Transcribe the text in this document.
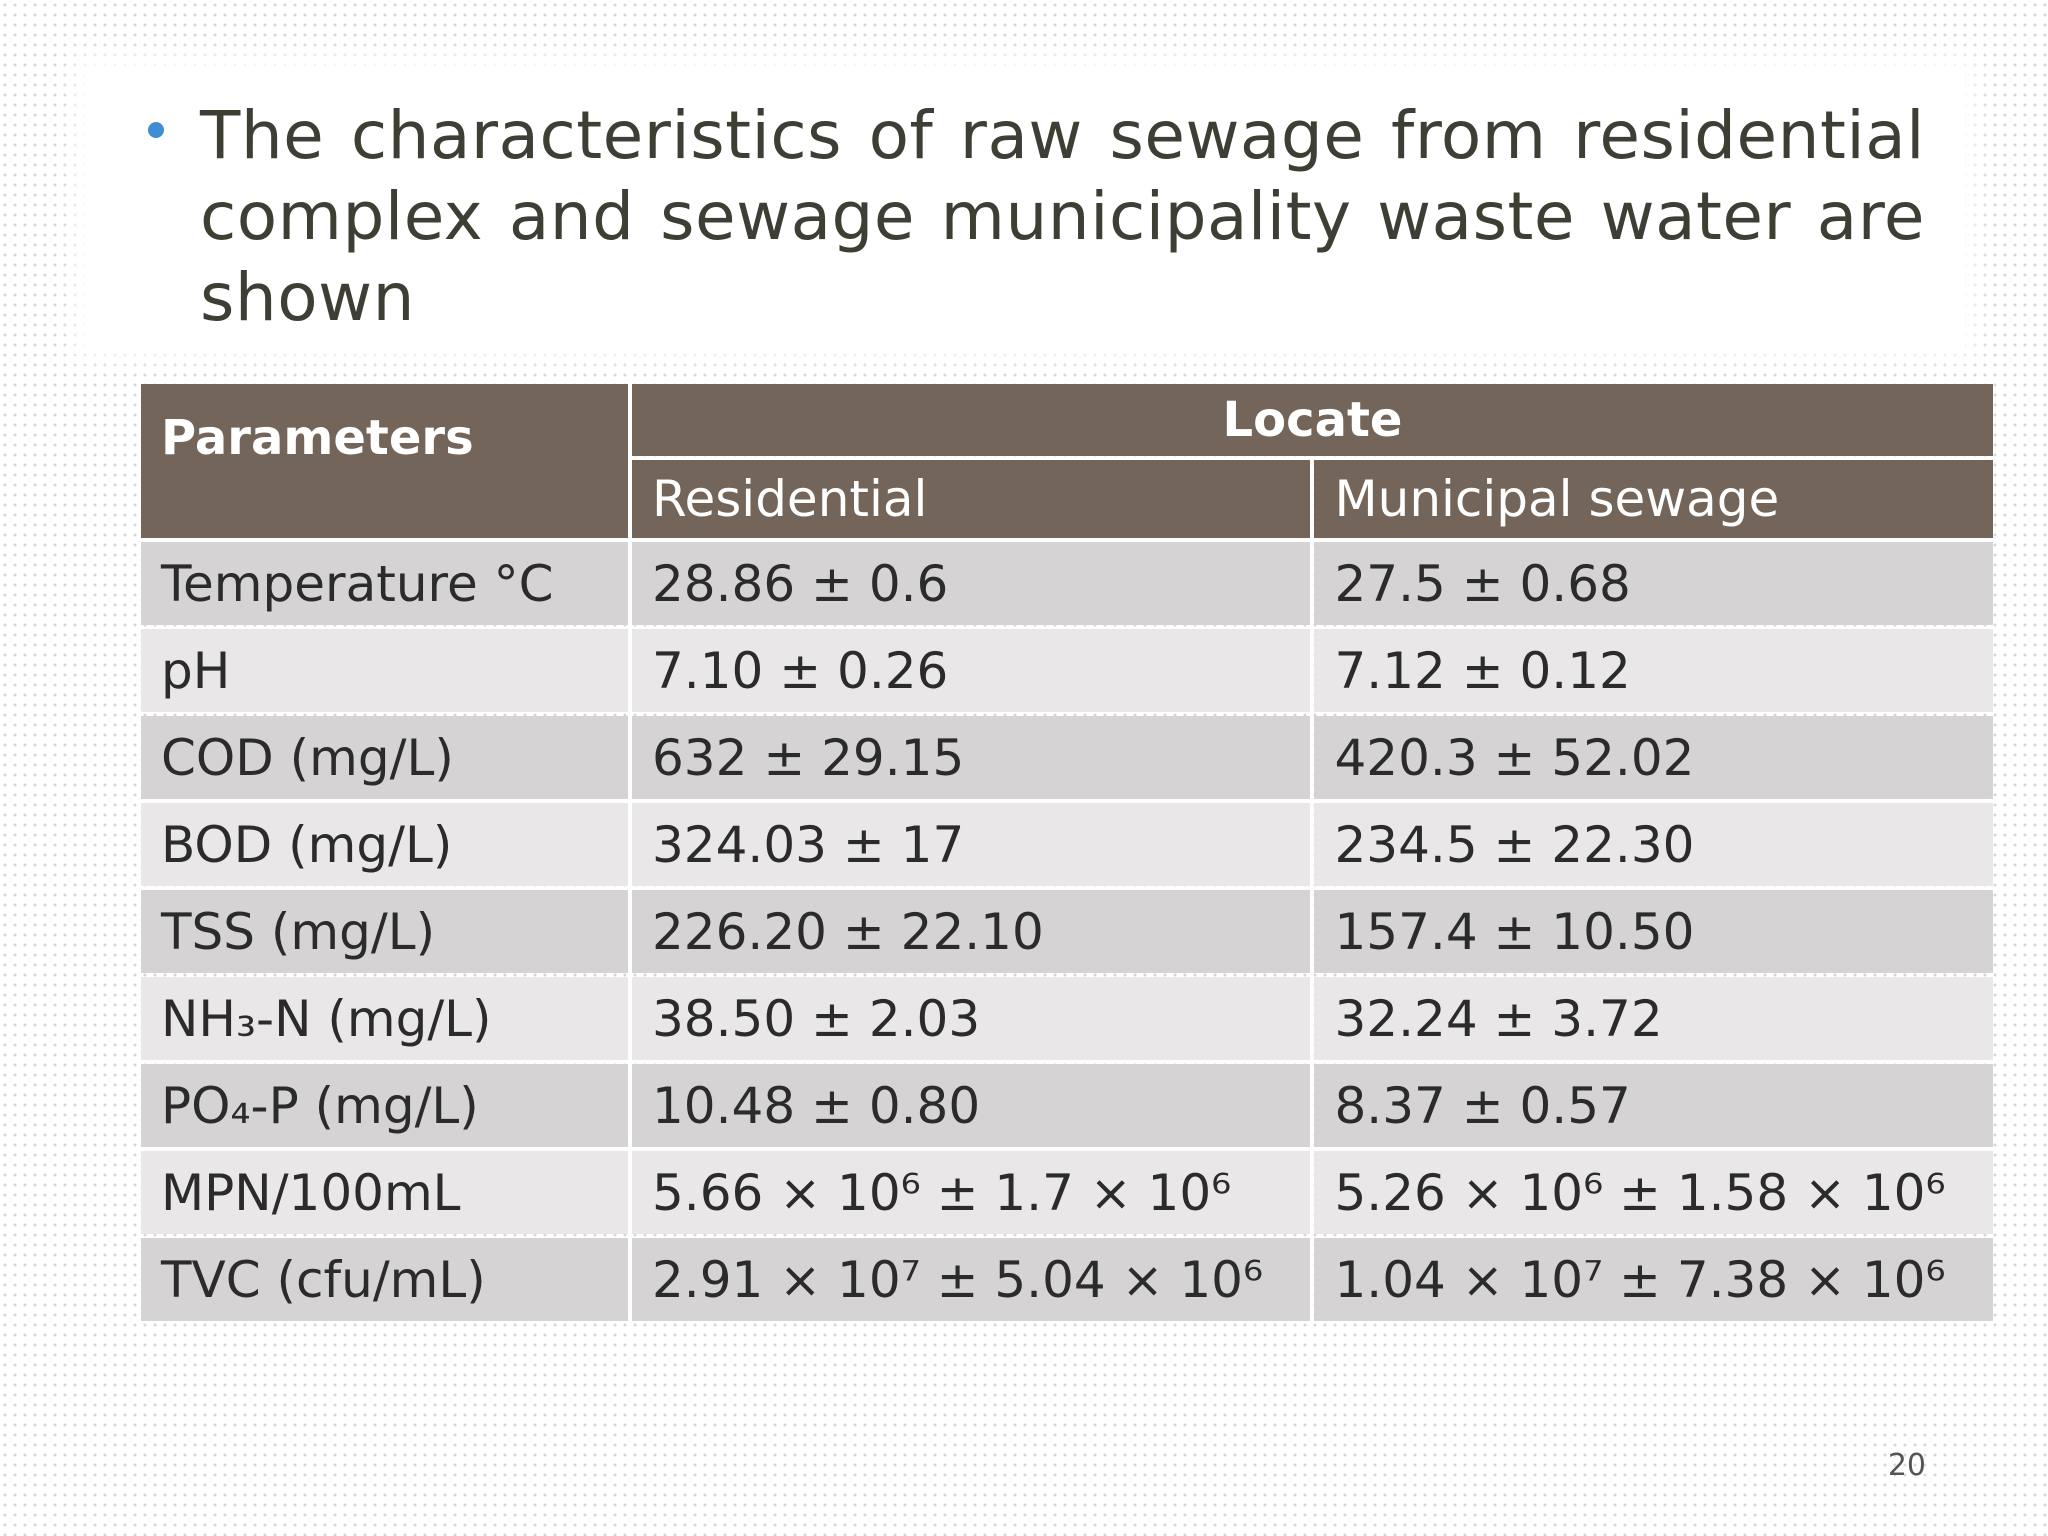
The characteristics of raw sewage from residential complex and sewage municipality waste water are shown
Parameters	Locate	
	Residential	Municipal sewage
Temperature °C	28.86 ± 0.6	27.5 ± 0.68
pH	7.10 ± 0.26	7.12 ± 0.12
COD (mg/L)	632 ± 29.15	420.3 ± 52.02
BOD (mg/L)	324.03 ± 17	234.5 ± 22.30
TSS (mg/L)	226.20 ± 22.10	157.4 ± 10.50
NH₃-N (mg/L)	38.50 ± 2.03	32.24 ± 3.72
PO₄-P (mg/L)	10.48 ± 0.80	8.37 ± 0.57
MPN/100mL	5.66 × 10⁶ ± 1.7 × 10⁶	5.26 × 10⁶ ± 1.58 × 10⁶
TVC (cfu/mL)	2.91 × 10⁷ ± 5.04 × 10⁶	1.04 × 10⁷ ± 7.38 × 10⁶
20
